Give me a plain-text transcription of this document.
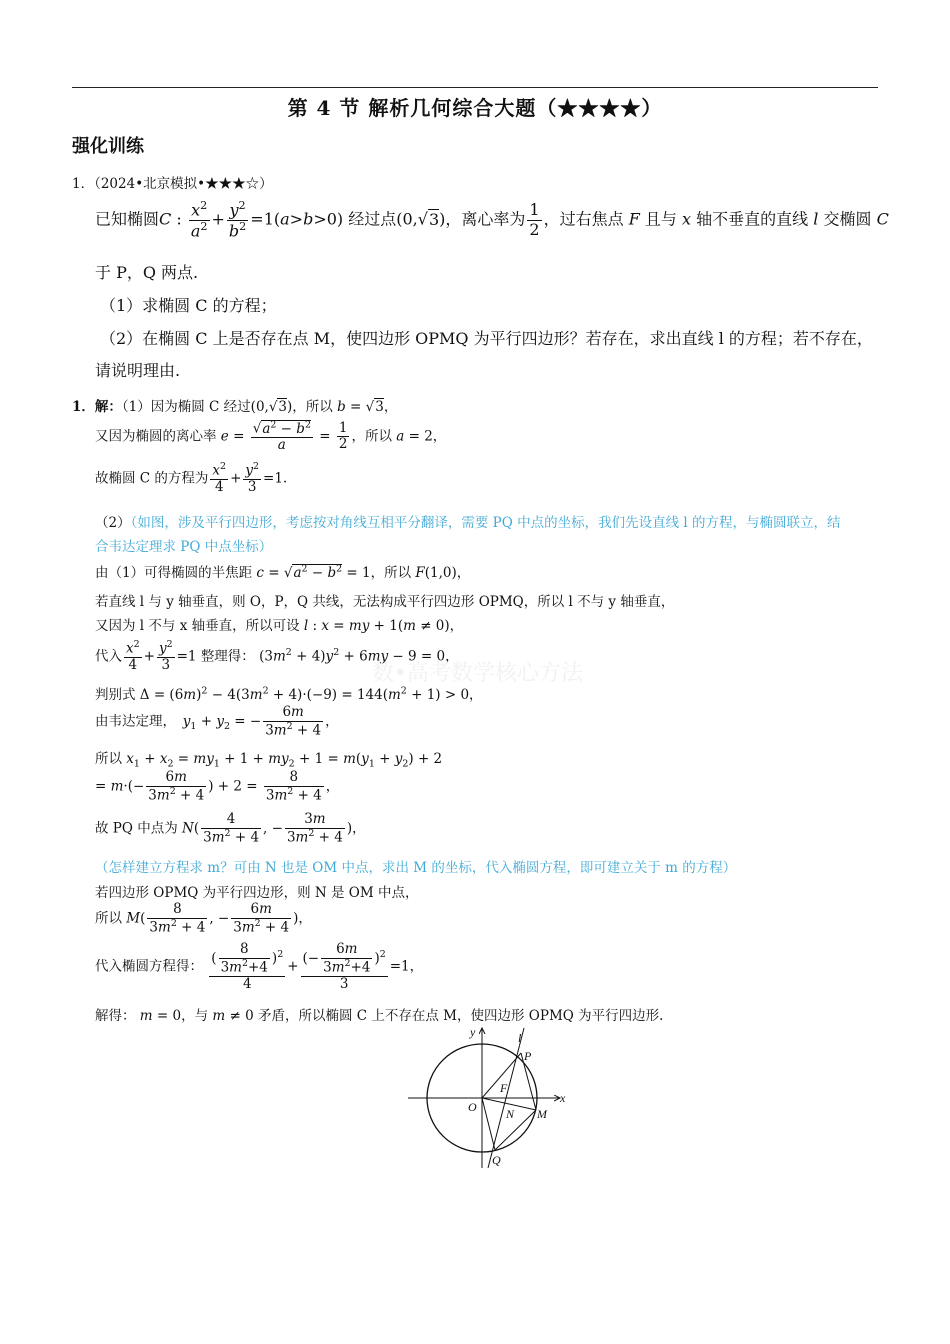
第 4 节 解析几何综合大题（★★★★）
强化训练
1．（2024•北京模拟•★★★☆）
已知椭圆C : $\frac{x^2}{a^2} + \frac{y^2}{b^2} =1(a>b>0)$ 经过点(0,√3)，离心率为 $\frac{1}{2}$ ，过右焦点 F 且与 x 轴不垂直的直线 l 交椭圆 C
于 P，Q 两点.
（1）求椭圆 C 的方程；
（2）在椭圆 C 上是否存在点 M，使四边形 OPMQ 为平行四边形？若存在，求出直线 l 的方程；若不存在，
请说明理由.
1．解：（1）因为椭圆 C 经过(0,√3)，所以 b = √3，
又因为椭圆的离心率 $e = \frac{√a^2 - b^2}{a} = \frac{1}{2}$ ，所以 a = 2，
故椭圆 C 的方程为 $\frac{x^2}{4} + \frac{y^2}{3} =1$.
（2）（如图，涉及平行四边形，考虑按对角线互相平分翻译，需要 PQ 中点的坐标，我们先设直线 l 的方程，与椭圆联立，结
合韦达定理求 PQ 中点坐标）
由（1）可得椭圆的半焦距 $c = √a^2 - b^2 = 1$，所以 F(1,0)，
若直线 l 与 y 轴垂直，则 O，P，Q 共线，无法构成平行四边形 OPMQ，所以 l 不与 y 轴垂直，
又因为 l 不与 x 轴垂直，所以可设 l : x = my + 1(m ≠ 0)，
代入 $\frac{x^2}{4} + \frac{y^2}{3} =1$ 整理得： $(3m^2 + 4)y^2 + 6my - 9 = 0$，
判别式 $\Delta = (6m)^2 - 4(3m^2 + 4)\cdot(-9) = 144(m^2 + 1) > 0$，
由韦达定理，　 $y_1 + y_2$ = − $\frac{6m}{3m^2 + 4}$ ，
所以 $x_1 + x_2 = my_1 + 1 + my_2 + 1 = m(y_1 + y_2) + 2$
= $m\cdot(- \frac{6m}{3m^2 + 4}$ ) + $2 = \frac{8}{3m^2 + 4}$ ，
故 PQ 中点为 $N( \frac{4}{3m^2 + 4}$ , − $\frac{3m}{3m^2 + 4}$ )，
（怎样建立方程求 m？可由 N 也是 OM 中点，求出 M 的坐标，代入椭圆方程，即可建立关于 m 的方程）
若四边形 OPMQ 为平行四边形，则 N 是 OM 中点，
所以 $M( \frac{8}{3m^2 + 4}$ , − $\frac{6m}{3m^2 + 4}$ )，
代入椭圆方程得： $\frac{( \frac{8}{3m^2+4} )^2}{4} + \frac{(- \frac{6m}{3m^2+4} )^2}{3} =1$，
解得： m = 0，与 m ≠ 0 矛盾，所以椭圆 C 上不存在点 M，使四边形 OPMQ 为平行四边形.
数•高考数学核心方法
y
x
l
P
F
O N M
Q
